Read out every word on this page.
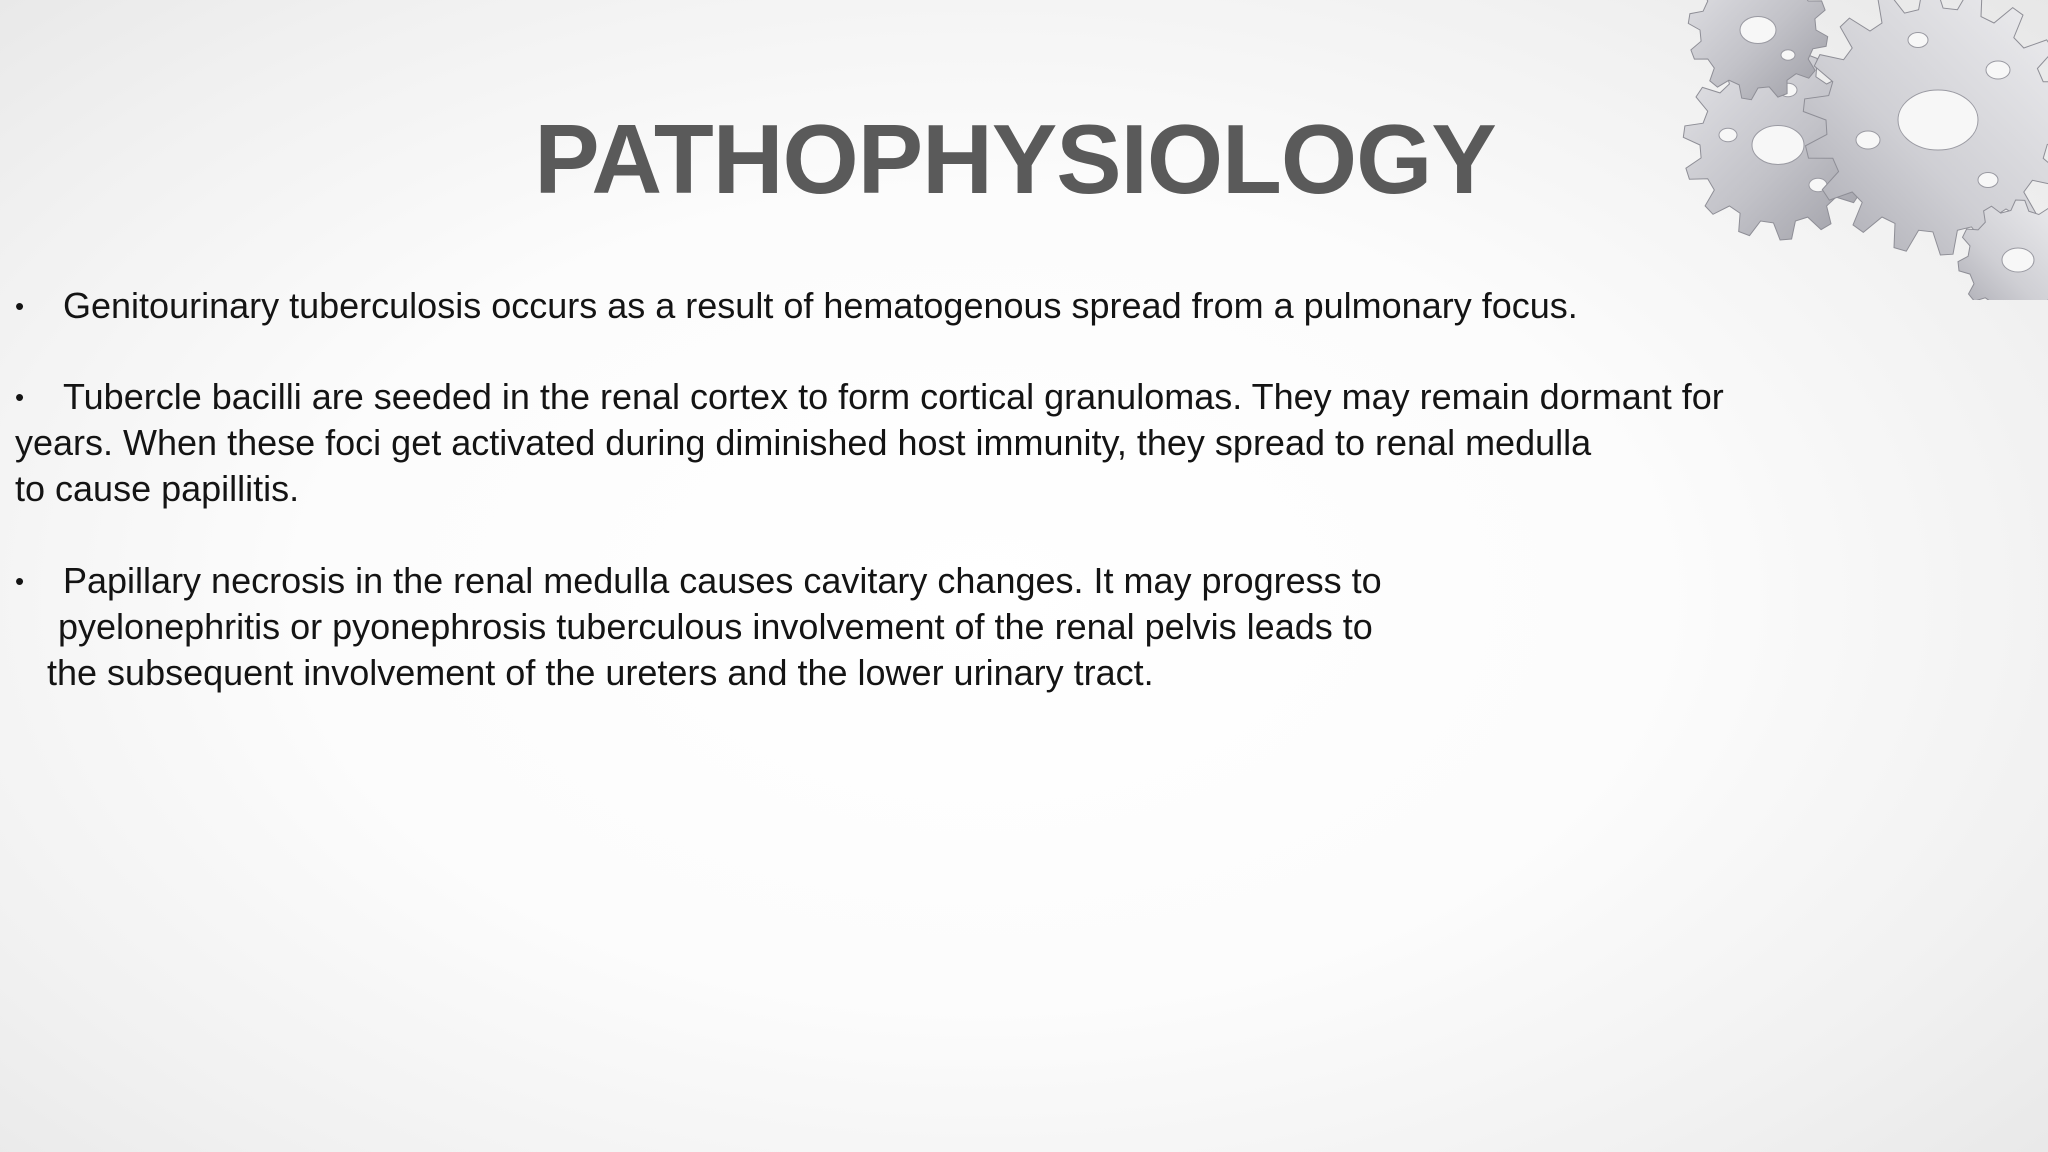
PATHOPHYSIOLOGY
• Genitourinary tuberculosis occurs as a result of hematogenous spread from a pulmonary focus.
• Tubercle bacilli are seeded in the renal cortex to form cortical granulomas. They may remain dormant for
years. When these foci get activated during diminished host immunity, they spread to renal medulla
to cause papillitis.
• Papillary necrosis in the renal medulla causes cavitary changes. It may progress to
pyelonephritis or pyonephrosis tuberculous involvement of the renal pelvis leads to
the subsequent involvement of the ureters and the lower urinary tract.
